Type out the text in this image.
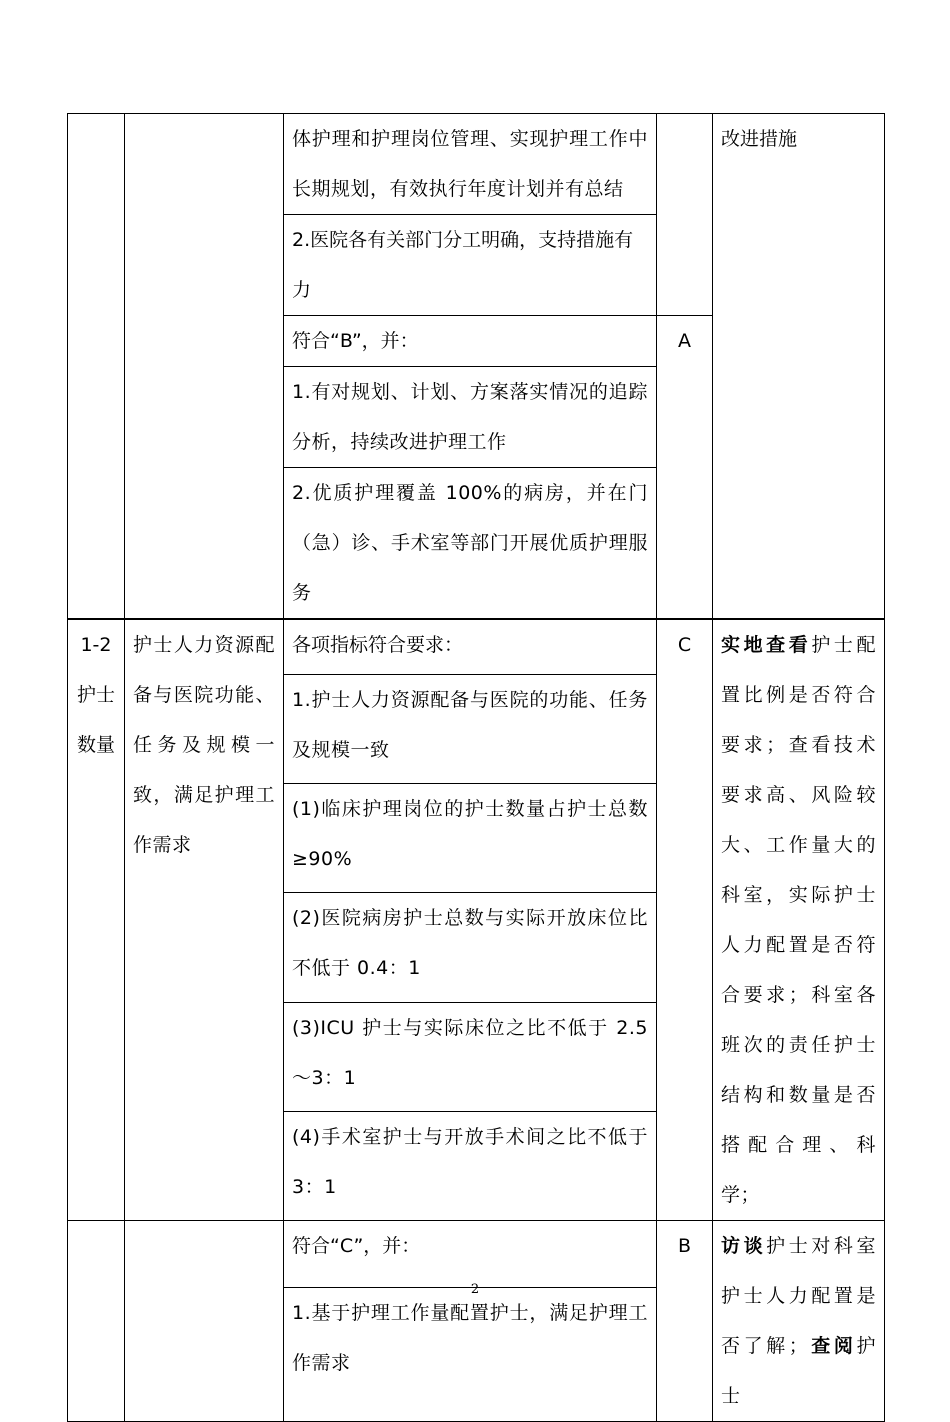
		体护理和护理岗位管理、实现护理工作中长期规划，有效执行年度计划并有总结		改进措施
		2.医院各有关部门分工明确，支持措施有力		
		符合“B”，并：	A	
		1.有对规划、计划、方案落实情况的追踪分析，持续改进护理工作		
		2.优质护理覆盖 100%的病房，并在门（急）诊、手术室等部门开展优质护理服务		
1-2护士数量	护士人力资源配备与医院功能、任务及规模一致，满足护理工作需求	各项指标符合要求：	C	实地查看护士配置比例是否符合要求；查看技术要求高、风险较大、工作量大的科室，实际护士人力配置是否符合要求；科室各班次的责任护士结构和数量是否搭配合理、科学；
		1.护士人力资源配备与医院的功能、任务及规模一致		
		(1)临床护理岗位的护士数量占护士总数≥90%		
		(2)医院病房护士总数与实际开放床位比不低于 0.4：1		
		(3)ICU 护士与实际床位之比不低于 2.5～3：1		
		(4)手术室护士与开放手术间之比不低于 3：1		
		符合“C”，并：	B	访谈护士对科室护士人力配置是否了解；查阅护士
		1.基于护理工作量配置护士，满足护理工作需求		
2
